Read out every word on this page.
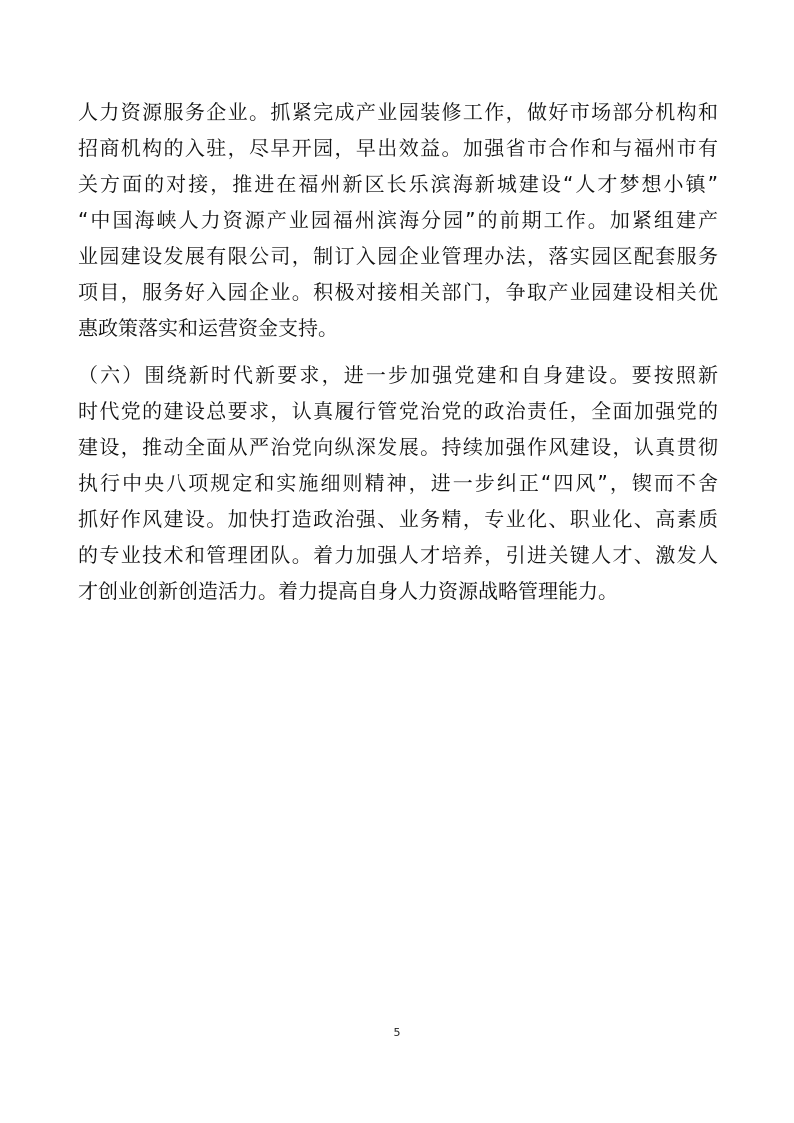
人力资源服务企业。抓紧完成产业园装修工作，做好市场部分机构和
招商机构的入驻，尽早开园，早出效益。加强省市合作和与福州市有
关方面的对接，推进在福州新区长乐滨海新城建设“人才梦想小镇”
“中国海峡人力资源产业园福州滨海分园”的前期工作。加紧组建产
业园建设发展有限公司，制订入园企业管理办法，落实园区配套服务
项目，服务好入园企业。积极对接相关部门，争取产业园建设相关优
惠政策落实和运营资金支持。
（六）围绕新时代新要求，进一步加强党建和自身建设。要按照新
时代党的建设总要求，认真履行管党治党的政治责任，全面加强党的
建设，推动全面从严治党向纵深发展。持续加强作风建设，认真贯彻
执行中央八项规定和实施细则精神，进一步纠正“四风”，锲而不舍
抓好作风建设。加快打造政治强、业务精，专业化、职业化、高素质
的专业技术和管理团队。着力加强人才培养，引进关键人才、激发人
才创业创新创造活力。着力提高自身人力资源战略管理能力。
5
